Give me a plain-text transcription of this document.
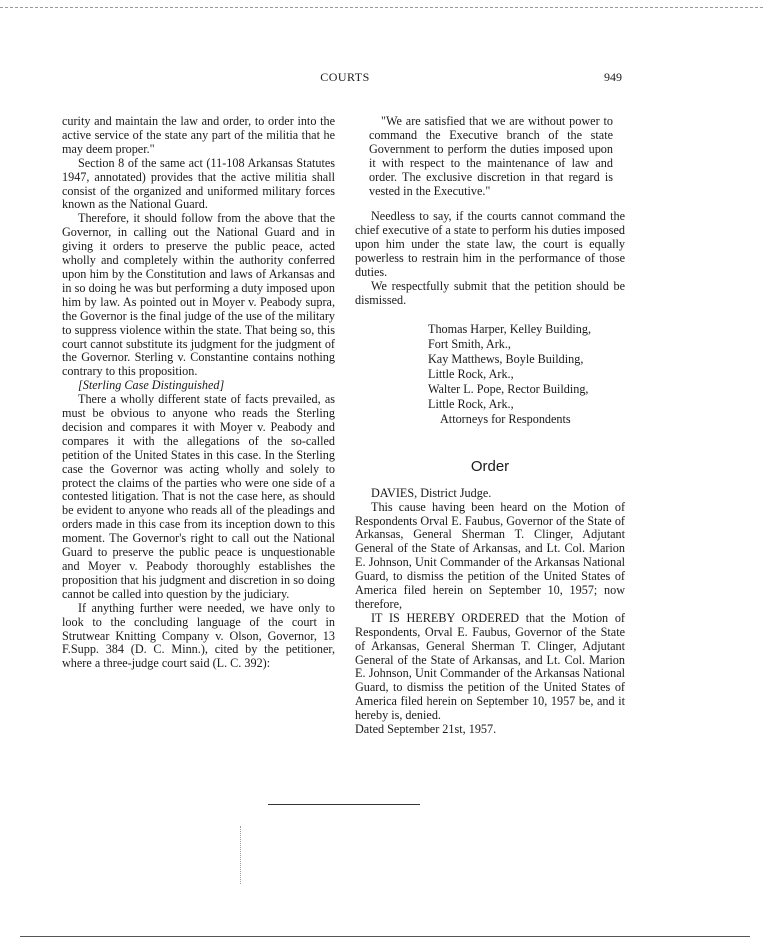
COURTS	949

curity and maintain the law and order, to order into the active service of the state any part of the militia that he may deem proper."

Section 8 of the same act (11-108 Arkansas Statutes 1947, annotated) provides that the active militia shall consist of the organized and uniformed military forces known as the National Guard.

Therefore, it should follow from the above that the Governor, in calling out the National Guard and in giving it orders to preserve the public peace, acted wholly and completely within the authority conferred upon him by the Constitution and laws of Arkansas and in so doing he was but performing a duty imposed upon him by law. As pointed out in Moyer v. Peabody supra, the Governor is the final judge of the use of the military to suppress violence within the state. That being so, this court cannot substitute its judgment for the judgment of the Governor. Sterling v. Constantine contains nothing contrary to this proposition.

[Sterling Case Distinguished]

There a wholly different state of facts prevailed, as must be obvious to anyone who reads the Sterling decision and compares it with Moyer v. Peabody and compares it with the allegations of the so-called petition of the United States in this case. In the Sterling case the Governor was acting wholly and solely to protect the claims of the parties who were one side of a contested litigation. That is not the case here, as should be evident to anyone who reads all of the pleadings and orders made in this case from its inception down to this moment. The Governor's right to call out the National Guard to preserve the public peace is unquestionable and Moyer v. Peabody thoroughly establishes the proposition that his judgment and discretion in so doing cannot be called into question by the judiciary.

If anything further were needed, we have only to look to the concluding language of the court in Strutwear Knitting Company v. Olson, Governor, 13 F.Supp. 384 (D. C. Minn.), cited by the petitioner, where a three-judge court said (L. C. 392):

"We are satisfied that we are without power to command the Executive branch of the state Government to perform the duties imposed upon it with respect to the maintenance of law and order. The exclusive discretion in that regard is vested in the Executive."

Needless to say, if the courts cannot command the chief executive of a state to perform his duties imposed upon him under the state law, the court is equally powerless to restrain him in the performance of those duties.

We respectfully submit that the petition should be dismissed.

Thomas Harper, Kelley Building,
Fort Smith, Ark.,
Kay Matthews, Boyle Building,
Little Rock, Ark.,
Walter L. Pope, Rector Building,
Little Rock, Ark.,
Attorneys for Respondents
Order

DAVIES, District Judge.

This cause having been heard on the Motion of Respondents Orval E. Faubus, Governor of the State of Arkansas, General Sherman T. Clinger, Adjutant General of the State of Arkansas, and Lt. Col. Marion E. Johnson, Unit Commander of the Arkansas National Guard, to dismiss the petition of the United States of America filed herein on September 10, 1957; now therefore,

IT IS HEREBY ORDERED that the Motion of Respondents, Orval E. Faubus, Governor of the State of Arkansas, General Sherman T. Clinger, Adjutant General of the State of Arkansas, and Lt. Col. Marion E. Johnson, Unit Commander of the Arkansas National Guard, to dismiss the petition of the United States of America filed herein on September 10, 1957 be, and it hereby is, denied.

Dated September 21st, 1957.
